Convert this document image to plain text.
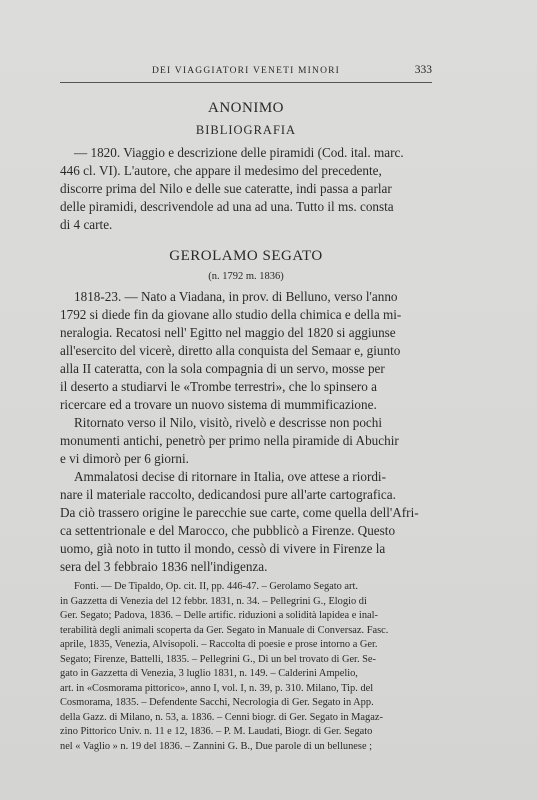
DEI VIAGGIATORI VENETI MINORI	333
ANONIMO
BIBLIOGRAFIA

— 1820. Viaggio e descrizione delle piramidi (Cod. ital. marc.
446 cl. VI). L'autore, che appare il medesimo del precedente,
discorre prima del Nilo e delle sue cateratte, indi passa a parlar
delle piramidi, descrivendole ad una ad una. Tutto il ms. consta
di 4 carte.

GEROLAMO SEGATO
(n. 1792 m. 1836)

1818-23. — Nato a Viadana, in prov. di Belluno, verso l'anno
1792 si diede fin da giovane allo studio della chimica e della mi-
neralogia. Recatosi nell' Egitto nel maggio del 1820 si aggiunse
all'esercito del vicerè, diretto alla conquista del Semaar e, giunto
alla II cateratta, con la sola compagnia di un servo, mosse per
il deserto a studiarvi le «Trombe terrestri», che lo spinsero a
ricercare ed a trovare un nuovo sistema di mummificazione.

Ritornato verso il Nilo, visitò, rivelò e descrisse non pochi
monumenti antichi, penetrò per primo nella piramide di Abuchir
e vi dimorò per 6 giorni.

Ammalatosi decise di ritornare in Italia, ove attese a riordi-
nare il materiale raccolto, dedicandosi pure all'arte cartografica.
Da ciò trassero origine le parecchie sue carte, come quella dell'Afri-
ca settentrionale e del Marocco, che pubblicò a Firenze. Questo
uomo, già noto in tutto il mondo, cessò di vivere in Firenze la
sera del 3 febbraio 1836 nell'indigenza.

Fonti. — De Tipaldo, Op. cit. II, pp. 446-47. – Gerolamo Segato art.
in Gazzetta di Venezia del 12 febbr. 1831, n. 34. – Pellegrini G., Elogio di
Ger. Segato; Padova, 1836. – Delle artific. riduzioni a solidità lapidea e inal-
terabilità degli animali scoperta da Ger. Segato in Manuale di Conversaz. Fasc.
aprile, 1835, Venezia, Alvisopoli. – Raccolta di poesie e prose intorno a Ger.
Segato; Firenze, Battelli, 1835. – Pellegrini G., Di un bel trovato di Ger. Se-
gato in Gazzetta di Venezia, 3 luglio 1831, n. 149. – Calderini Ampelio,
art. in «Cosmorama pittorico», anno I, vol. I, n. 39, p. 310. Milano, Tip. del
Cosmorama, 1835. – Defendente Sacchi, Necrologia di Ger. Segato in App.
della Gazz. di Milano, n. 53, a. 1836. – Cenni biogr. di Ger. Segato in Magaz-
zino Pittorico Univ. n. 11 e 12, 1836. – P. M. Laudati, Biogr. di Ger. Segato
nel « Vaglio » n. 19 del 1836. – Zannini G. B., Due parole di un bellunese ;
